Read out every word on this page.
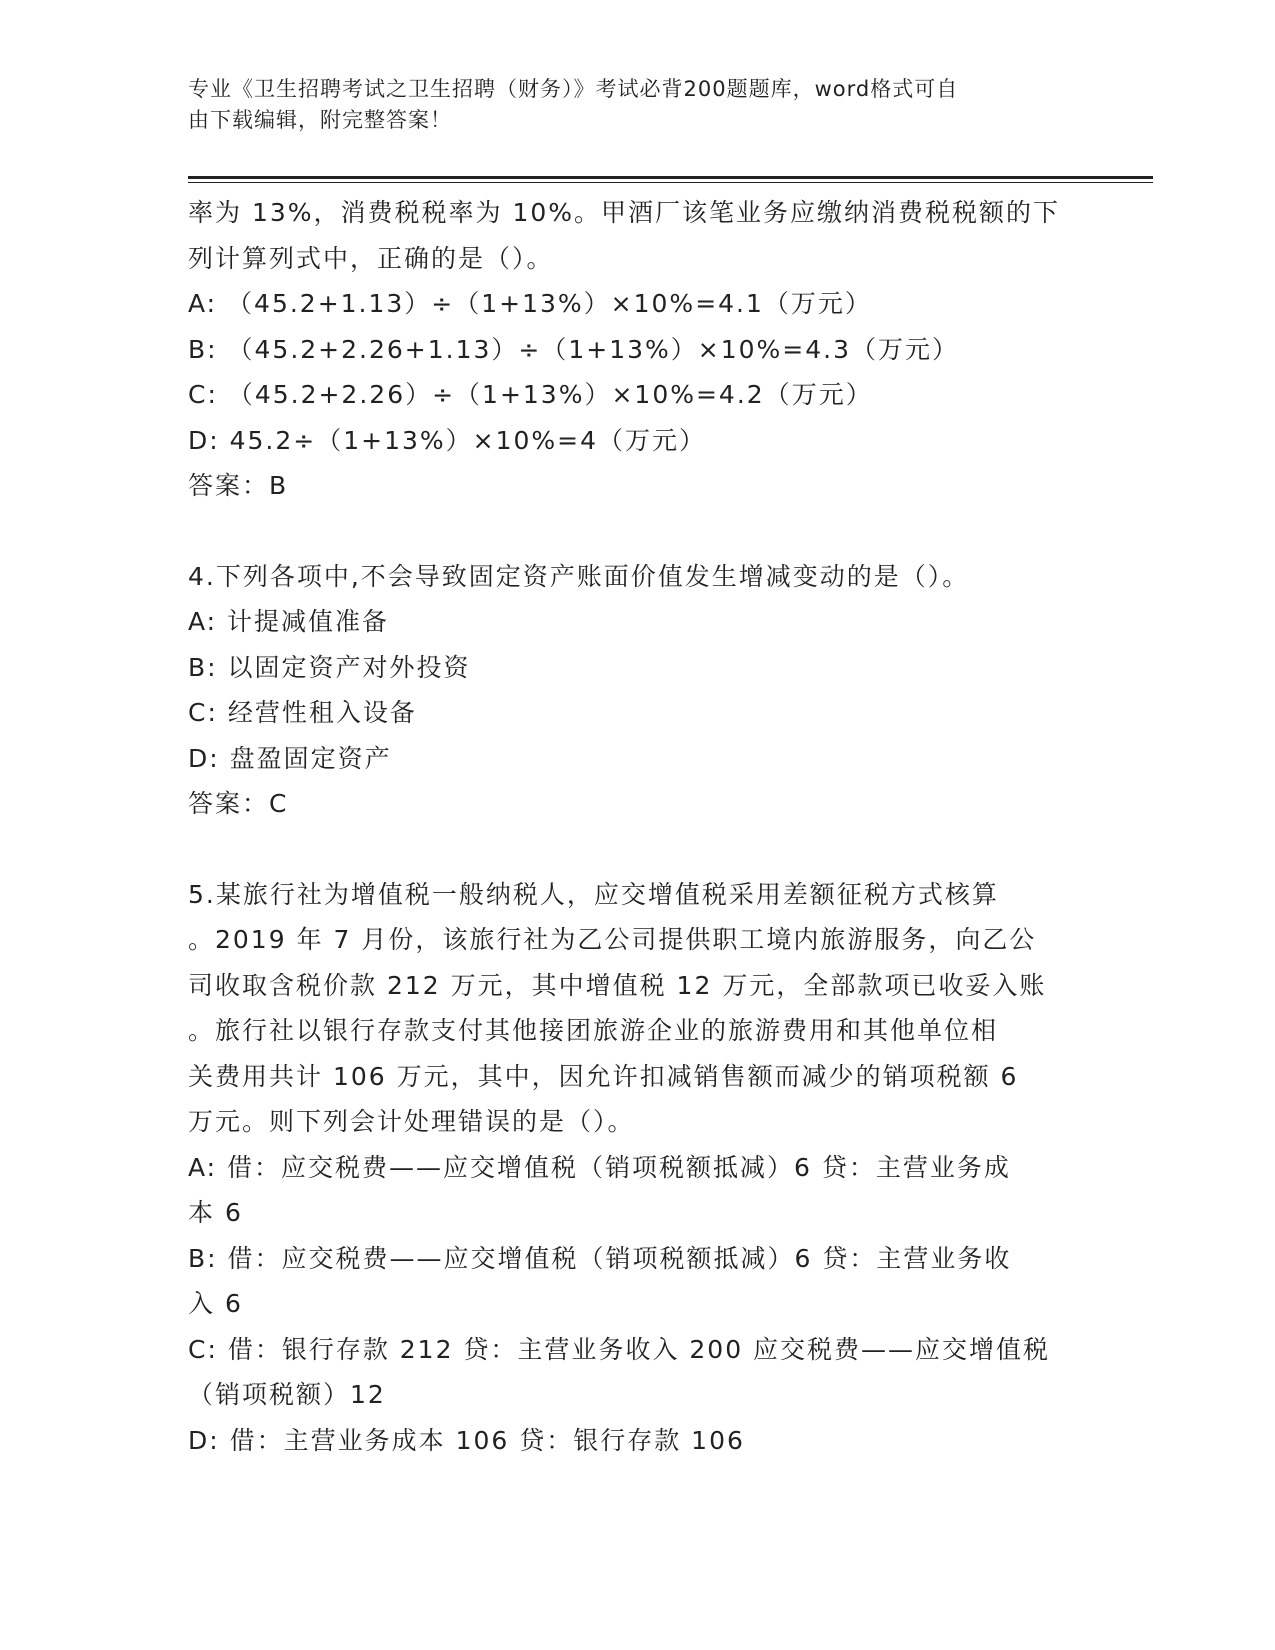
专业《卫生招聘考试之卫生招聘（财务）》考试必背200题题库，word格式可自
由下载编辑，附完整答案！
率为 13%，消费税税率为 10%。甲酒厂该笔业务应缴纳消费税税额的下
列计算列式中，正确的是（）。
A: （45.2+1.13）÷（1+13%）×10%=4.1（万元）
B: （45.2+2.26+1.13）÷（1+13%）×10%=4.3（万元）
C: （45.2+2.26）÷（1+13%）×10%=4.2（万元）
D: 45.2÷（1+13%）×10%=4（万元）
答案：B
4.下列各项中,不会导致固定资产账面价值发生增减变动的是（）。
A: 计提减值准备
B: 以固定资产对外投资
C: 经营性租入设备
D: 盘盈固定资产
答案：C
5.某旅行社为增值税一般纳税人，应交增值税采用差额征税方式核算
。2019 年 7 月份，该旅行社为乙公司提供职工境内旅游服务，向乙公
司收取含税价款 212 万元，其中增值税 12 万元，全部款项已收妥入账
。旅行社以银行存款支付其他接团旅游企业的旅游费用和其他单位相
关费用共计 106 万元，其中，因允许扣减销售额而减少的销项税额 6
万元。则下列会计处理错误的是（）。
A: 借：应交税费——应交增值税（销项税额抵减）6 贷：主营业务成
本 6
B: 借：应交税费——应交增值税（销项税额抵减）6 贷：主营业务收
入 6
C: 借：银行存款 212 贷：主营业务收入 200 应交税费——应交增值税
（销项税额）12
D: 借：主营业务成本 106 贷：银行存款 106
